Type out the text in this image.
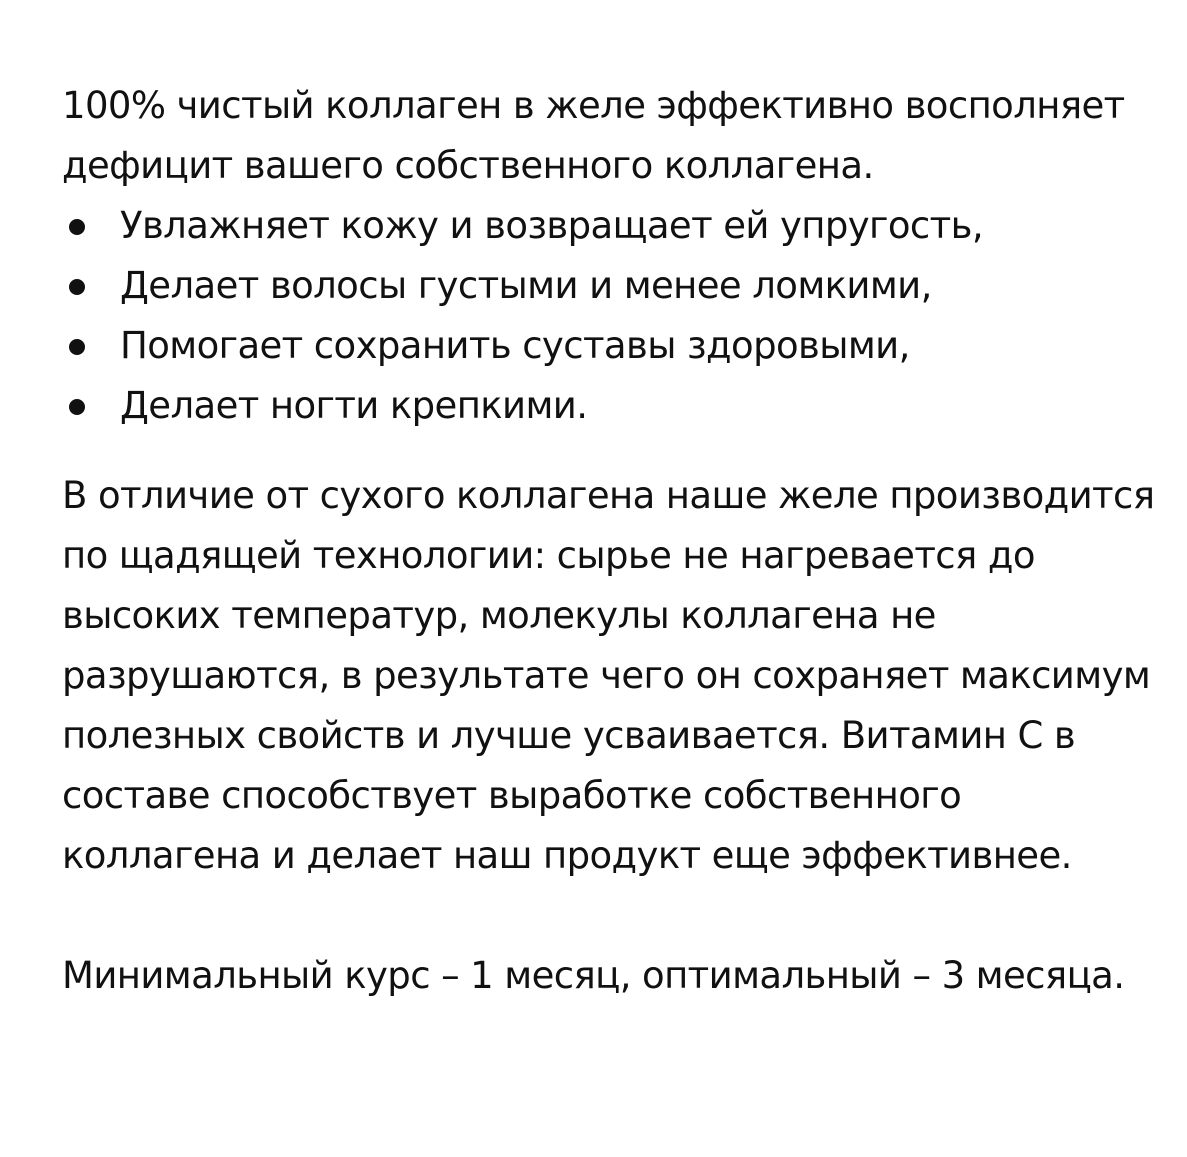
100% чистый коллаген в желе эффективно восполняет
дефицит вашего собственного коллагена.
Увлажняет кожу и возвращает ей упругость,
Делает волосы густыми и менее ломкими,
Помогает сохранить суставы здоровыми,
Делает ногти крепкими.
В отличие от сухого коллагена наше желе производится
по щадящей технологии: сырье не нагревается до
высоких температур, молекулы коллагена не
разрушаются, в результате чего он сохраняет максимум
полезных свойств и лучше усваивается. Витамин С в
составе способствует выработке собственного
коллагена и делает наш продукт еще эффективнее.
Минимальный курс – 1 месяц, оптимальный – 3 месяца.
